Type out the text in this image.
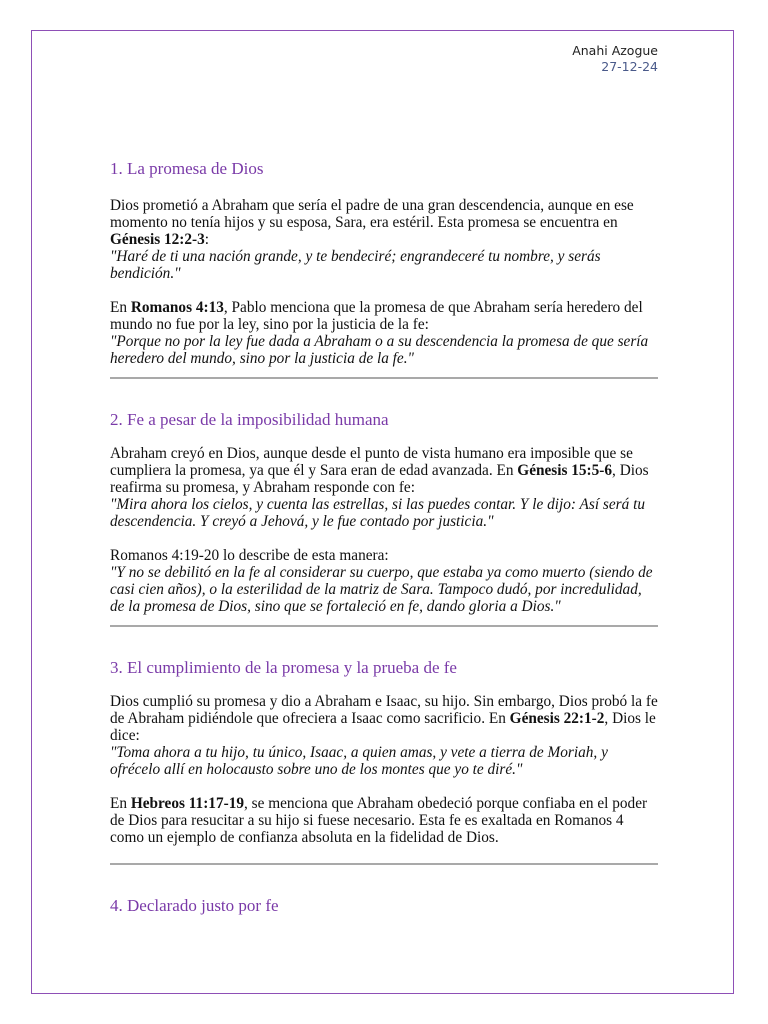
Anahi Azogue
27-12-24
1. La promesa de Dios

Dios prometió a Abraham que sería el padre de una gran descendencia, aunque en ese momento no tenía hijos y su esposa, Sara, era estéril. Esta promesa se encuentra en Génesis 12:2-3:

"Haré de ti una nación grande, y te bendeciré; engrandeceré tu nombre, y serás bendición."

En Romanos 4:13, Pablo menciona que la promesa de que Abraham sería heredero del mundo no fue por la ley, sino por la justicia de la fe:

"Porque no por la ley fue dada a Abraham o a su descendencia la promesa de que sería heredero del mundo, sino por la justicia de la fe."

2. Fe a pesar de la imposibilidad humana

Abraham creyó en Dios, aunque desde el punto de vista humano era imposible que se cumpliera la promesa, ya que él y Sara eran de edad avanzada. En Génesis 15:5-6, Dios reafirma su promesa, y Abraham responde con fe:

"Mira ahora los cielos, y cuenta las estrellas, si las puedes contar. Y le dijo: Así será tu descendencia. Y creyó a Jehová, y le fue contado por justicia."

Romanos 4:19-20 lo describe de esta manera:

"Y no se debilitó en la fe al considerar su cuerpo, que estaba ya como muerto (siendo de casi cien años), o la esterilidad de la matriz de Sara. Tampoco dudó, por incredulidad, de la promesa de Dios, sino que se fortaleció en fe, dando gloria a Dios."

3. El cumplimiento de la promesa y la prueba de fe

Dios cumplió su promesa y dio a Abraham e Isaac, su hijo. Sin embargo, Dios probó la fe de Abraham pidiéndole que ofreciera a Isaac como sacrificio. En Génesis 22:1-2, Dios le dice:

"Toma ahora a tu hijo, tu único, Isaac, a quien amas, y vete a tierra de Moriah, y ofrécelo allí en holocausto sobre uno de los montes que yo te diré."

En Hebreos 11:17-19, se menciona que Abraham obedeció porque confiaba en el poder de Dios para resucitar a su hijo si fuese necesario. Esta fe es exaltada en Romanos 4 como un ejemplo de confianza absoluta en la fidelidad de Dios.

4. Declarado justo por fe
